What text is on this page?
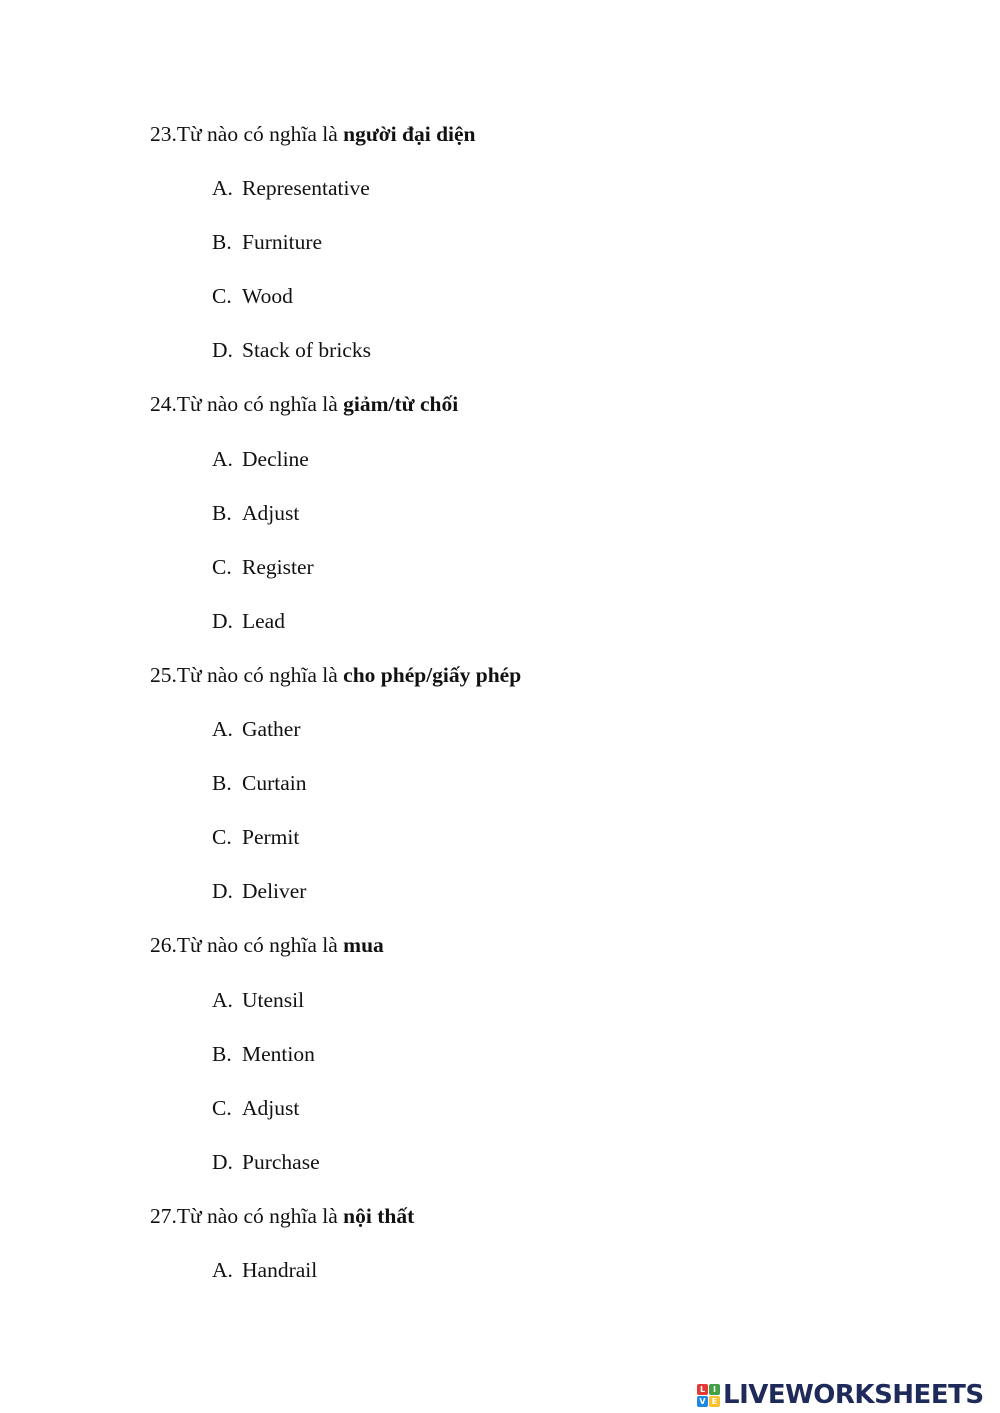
23.Từ nào có nghĩa là người đại diện
A. Representative
B. Furniture
C. Wood
D. Stack of bricks
24.Từ nào có nghĩa là giảm/từ chối
A. Decline
B. Adjust
C. Register
D. Lead
25.Từ nào có nghĩa là cho phép/giấy phép
A. Gather
B. Curtain
C. Permit
D. Deliver
26.Từ nào có nghĩa là mua
A. Utensil
B. Mention
C. Adjust
D. Purchase
27.Từ nào có nghĩa là nội thất
A. Handrail
L I
V E LIVEWORKSHEETS
